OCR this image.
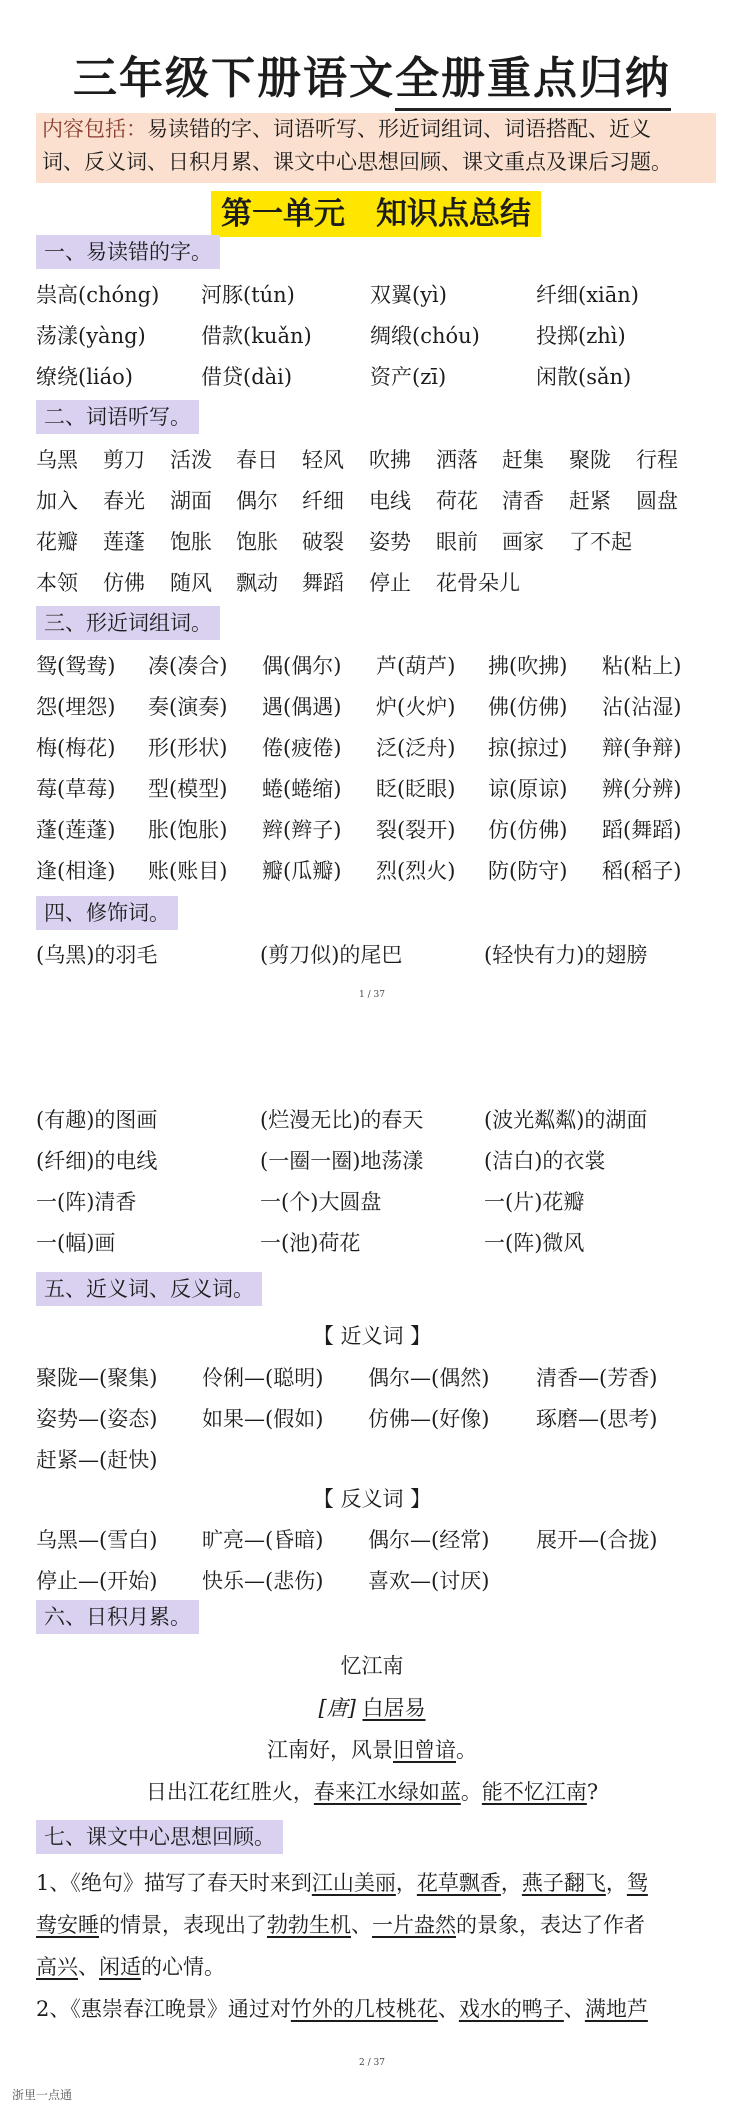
三年级下册语文全册重点归纳
内容包括：易读错的字、词语听写、形近词组词、词语搭配、近义
词、反义词、日积月累、课文中心思想回顾、课文重点及课后习题。
第一单元　知识点总结
一、易读错的字。
祟高(chóng) 河豚(tún)	双翼(yì)	纤细(xiān)
荡漾(yàng)	借款(kuǎn)	绸缎(chóu)	投掷(zhì)
缭绕(liáo)	借贷(dài)	资产(zī)	闲散(sǎn)
二、词语听写。
乌黑 剪刀 活泼 春日 轻风 吹拂 洒落 赶集 聚陇 行程
加入 春光 湖面 偶尔 纤细 电线 荷花 清香 赶紧 圆盘
花瓣 莲蓬 饱胀 饱胀 破裂 姿势 眼前 画家 了不起
本领 仿佛 随风 飘动 舞蹈 停止 花骨朵儿
三、形近词组词。
鸳(鸳鸯) 凑(凑合) 偶(偶尔) 芦(葫芦) 拂(吹拂) 粘(粘上)
怨(埋怨) 奏(演奏) 遇(偶遇) 炉(火炉) 佛(仿佛) 沾(沾湿)
梅(梅花) 形(形状) 倦(疲倦) 泛(泛舟) 掠(掠过) 辩(争辩)
莓(草莓) 型(模型) 蜷(蜷缩) 眨(眨眼) 谅(原谅) 辨(分辨)
蓬(莲蓬) 胀(饱胀) 辫(辫子) 裂(裂开) 仿(仿佛) 蹈(舞蹈)
逢(相逢) 账(账目) 瓣(瓜瓣) 烈(烈火) 防(防守) 稻(稻子)
四、修饰词。
(乌黑)的羽毛	(剪刀似)的尾巴	(轻快有力)的翅膀
(有趣)的图画	(烂漫无比)的春天	(波光粼粼)的湖面
(纤细)的电线	(一圈一圈)地荡漾	(洁白)的衣裳
一(阵)清香	一(个)大圆盘	一(片)花瓣
一(幅)画	一(池)荷花	一(阵)微风
1 / 37
五、近义词、反义词。
【 近义词 】
聚陇—(聚集) 伶俐—(聪明) 偶尔—(偶然) 清香—(芳香)
姿势—(姿态) 如果—(假如) 仿佛—(好像) 琢磨—(思考)
赶紧—(赶快)
【 反义词 】
乌黑—(雪白) 旷亮—(昏暗) 偶尔—(经常) 展开—(合拢)
停止—(开始) 快乐—(悲伤) 喜欢—(讨厌)
六、日积月累。
忆江南
[唐] 白居易
江南好，风景旧曾谙。
日出江花红胜火，春来江水绿如蓝。能不忆江南?
七、课文中心思想回顾。
1、《绝句》描写了春天时来到江山美丽，花草飘香，燕子翻飞，鸳
鸯安睡的情景，表现出了勃勃生机、一片盎然的景象，表达了作者
高兴、闲适的心情。
2、《惠崇春江晚景》通过对竹外的几枝桃花、戏水的鸭子、满地芦
2 / 37
浙里一点通
